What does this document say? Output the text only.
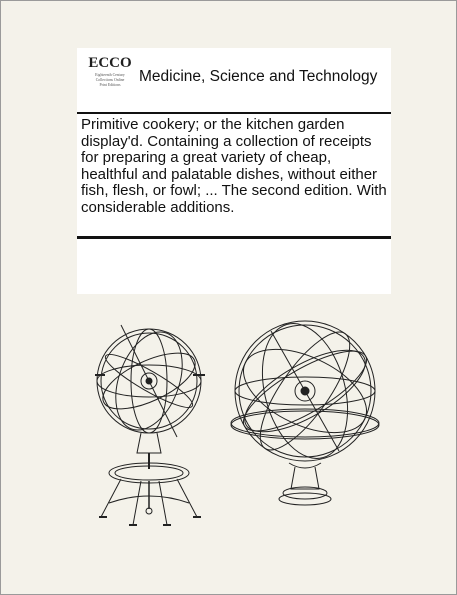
ECCO
Eighteenth Century
Collections Online
Print Editions	Medicine, Science and Technology
Primitive cookery; or the kitchen garden display'd. Containing a collection of receipts for preparing a great variety of cheap, healthful and palatable dishes, without either fish, flesh, or fowl; ... The second edition. With considerable additions.
